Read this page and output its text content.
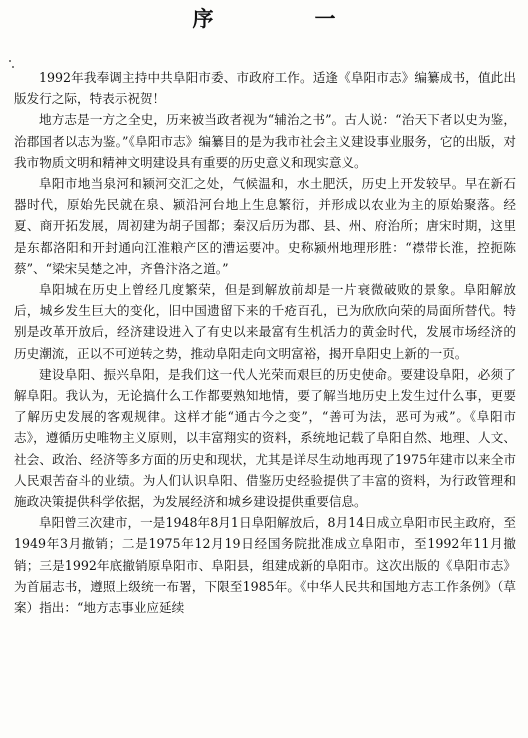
序　一

1992年我奉调主持中共阜阳市委、市政府工作。适逢《阜阳市志》编纂成书，值此出版发行之际，特表示祝贺！

地方志是一方之全史，历来被当政者视为“辅治之书”。古人说：“治天下者以史为鉴，治郡国者以志为鉴。”《阜阳市志》编纂目的是为我市社会主义建设事业服务，它的出版，对我市物质文明和精神文明建设具有重要的历史意义和现实意义。

阜阳市地当泉河和颍河交汇之处，气候温和，水土肥沃，历史上开发较早。早在新石器时代，原始先民就在泉、颍沿河台地上生息繁衍，并形成以农业为主的原始聚落。经夏、商开拓发展，周初建为胡子国都；秦汉后历为郡、县、州、府治所；唐宋时期，这里是东都洛阳和开封通向江淮粮产区的漕运要冲。史称颍州地理形胜：“襟带长淮，控扼陈蔡”、“梁宋吴楚之冲，齐鲁汴洛之道。”

阜阳城在历史上曾经几度繁荣，但是到解放前却是一片衰微破败的景象。阜阳解放后，城乡发生巨大的变化，旧中国遗留下来的千疮百孔，已为欣欣向荣的局面所替代。特别是改革开放后，经济建设进入了有史以来最富有生机活力的黄金时代，发展市场经济的历史潮流，正以不可逆转之势，推动阜阳走向文明富裕，揭开阜阳史上新的一页。

建设阜阳、振兴阜阳，是我们这一代人光荣而艰巨的历史使命。要建设阜阳，必须了解阜阳。我认为，无论搞什么工作都要熟知地情，要了解当地历史上发生过什么事，更要了解历史发展的客观规律。这样才能“通古今之变”，“善可为法，恶可为戒”。《阜阳市志》，遵循历史唯物主义原则，以丰富翔实的资料，系统地记载了阜阳自然、地理、人文、社会、政治、经济等多方面的历史和现状，尤其是详尽生动地再现了1975年建市以来全市人民艰苦奋斗的业绩。为人们认识阜阳、借鉴历史经验提供了丰富的资料，为行政管理和施政决策提供科学依据，为发展经济和城乡建设提供重要信息。

阜阳曾三次建市，一是1948年8月1日阜阳解放后，8月14日成立阜阳市民主政府，至1949年3月撤销；二是1975年12月19日经国务院批准成立阜阳市，至1992年11月撤销；三是1992年底撤销原阜阳市、阜阳县，组建成新的阜阳市。这次出版的《阜阳市志》为首届志书，遵照上级统一布署，下限至1985年。《中华人民共和国地方志工作条例》（草案）指出：“地方志事业应延续
